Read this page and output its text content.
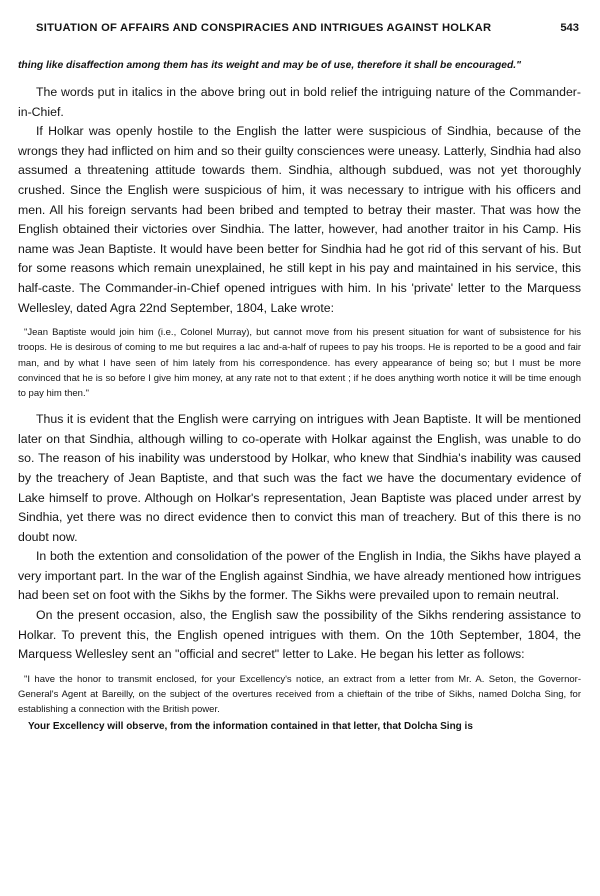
SITUATION OF AFFAIRS AND CONSPIRACIES AND INTRIGUES AGAINST HOLKAR	543
thing like disaffection among them has its weight and may be of use, therefore it shall be encouraged."

The words put in italics in the above bring out in bold relief the intriguing nature of the Commander-in-Chief.

If Holkar was openly hostile to the English the latter were suspicious of Sindhia, because of the wrongs they had inflicted on him and so their guilty consciences were uneasy. Latterly, Sindhia had also assumed a threatening attitude towards them. Sindhia, although subdued, was not yet thoroughly crushed. Since the English were suspicious of him, it was necessary to intrigue with his officers and men. All his foreign servants had been bribed and tempted to betray their master. That was how the English obtained their victories over Sindhia. The latter, however, had another traitor in his Camp. His name was Jean Baptiste. It would have been better for Sindhia had he got rid of this servant of his. But for some reasons which remain unexplained, he still kept in his pay and maintained in his service, this half-caste. The Commander-in-Chief opened intrigues with him. In his 'private' letter to the Marquess Wellesley, dated Agra 22nd September, 1804, Lake wrote:

"Jean Baptiste would join him (i.e., Colonel Murray), but cannot move from his present situation for want of subsistence for his troops. He is desirous of coming to me but requires a lac and-a-half of rupees to pay his troops. He is reported to be a good and fair man, and by what I have seen of him lately from his correspondence. has every appearance of being so; but I must be more convinced that he is so before I give him money, at any rate not to that extent ; if he does anything worth notice it will be time enough to pay him then."

Thus it is evident that the English were carrying on intrigues with Jean Baptiste. It will be mentioned later on that Sindhia, although willing to co-operate with Holkar against the English, was unable to do so. The reason of his inability was understood by Holkar, who knew that Sindhia's inability was caused by the treachery of Jean Baptiste, and that such was the fact we have the documentary evidence of Lake himself to prove. Although on Holkar's representation, Jean Baptiste was placed under arrest by Sindhia, yet there was no direct evidence then to convict this man of treachery. But of this there is no doubt now.

In both the extention and consolidation of the power of the English in India, the Sikhs have played a very important part. In the war of the English against Sindhia, we have already mentioned how intrigues had been set on foot with the Sikhs by the former. The Sikhs were prevailed upon to remain neutral.

On the present occasion, also, the English saw the possibility of the Sikhs rendering assistance to Holkar. To prevent this, the English opened intrigues with them. On the 10th September, 1804, the Marquess Wellesley sent an "official and secret" letter to Lake. He began his letter as follows:

"I have the honor to transmit enclosed, for your Excellency's notice, an extract from a letter from Mr. A. Seton, the Governor-General's Agent at Bareilly, on the subject of the overtures received from a chieftain of the tribe of Sikhs, named Dolcha Sing, for establishing a connection with the British power.
Your Excellency will observe, from the information contained in that letter, that Dolcha Sing is
